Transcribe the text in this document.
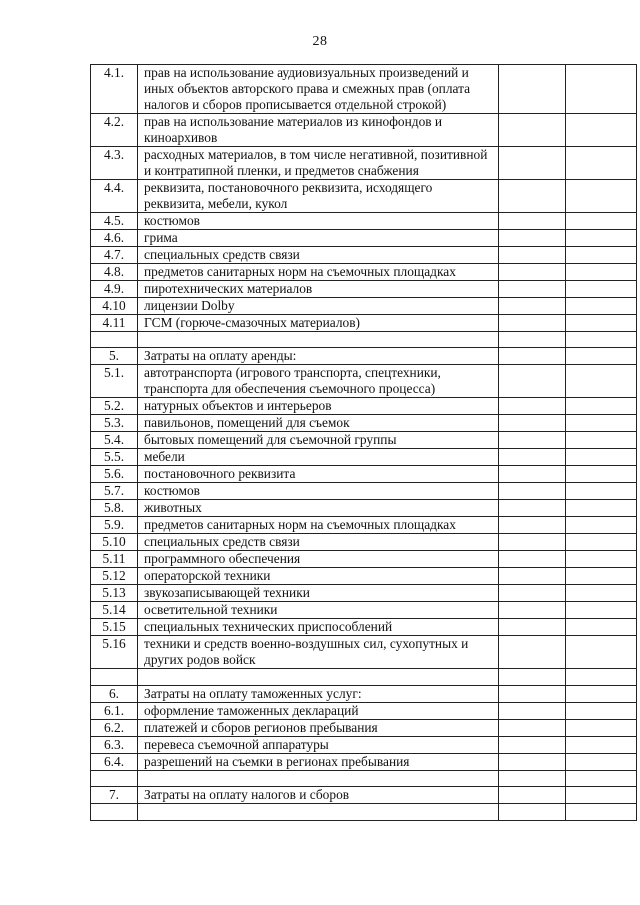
28
4.1.	прав на использование аудиовизуальных произведений и иных объектов авторского права и смежных прав (оплата налогов и сборов прописывается отдельной строкой)		
4.2.	прав на использование материалов из кинофондов и киноархивов		
4.3.	расходных материалов, в том числе негативной, позитивной и контратипной пленки, и предметов снабжения		
4.4.	реквизита, постановочного реквизита, исходящего реквизита, мебели, кукол		
4.5.	костюмов		
4.6.	грима		
4.7.	специальных средств связи		
4.8.	предметов санитарных норм на съемочных площадках		
4.9.	пиротехнических материалов		
4.10	лицензии Dolby		
4.11	ГСМ (горюче-смазочных материалов)		

5.	Затраты на оплату аренды:		
5.1.	автотранспорта (игрового транспорта, спецтехники, транспорта для обеспечения съемочного процесса)		
5.2.	натурных объектов и интерьеров		
5.3.	павильонов, помещений для съемок		
5.4.	бытовых помещений для съемочной группы		
5.5.	мебели		
5.6.	постановочного реквизита		
5.7.	костюмов		
5.8.	животных		
5.9.	предметов санитарных норм на съемочных площадках		
5.10	специальных средств связи		
5.11	программного обеспечения		
5.12	операторской техники		
5.13	звукозаписывающей техники		
5.14	осветительной техники		
5.15	специальных технических приспособлений		
5.16	техники и средств военно-воздушных сил, сухопутных и других родов войск		

6.	Затраты на оплату таможенных услуг:		
6.1.	оформление таможенных деклараций		
6.2.	платежей и сборов регионов пребывания		
6.3.	перевеса съемочной аппаратуры		
6.4.	разрешений на съемки в регионах пребывания		

7.	Затраты на оплату налогов и сборов		
